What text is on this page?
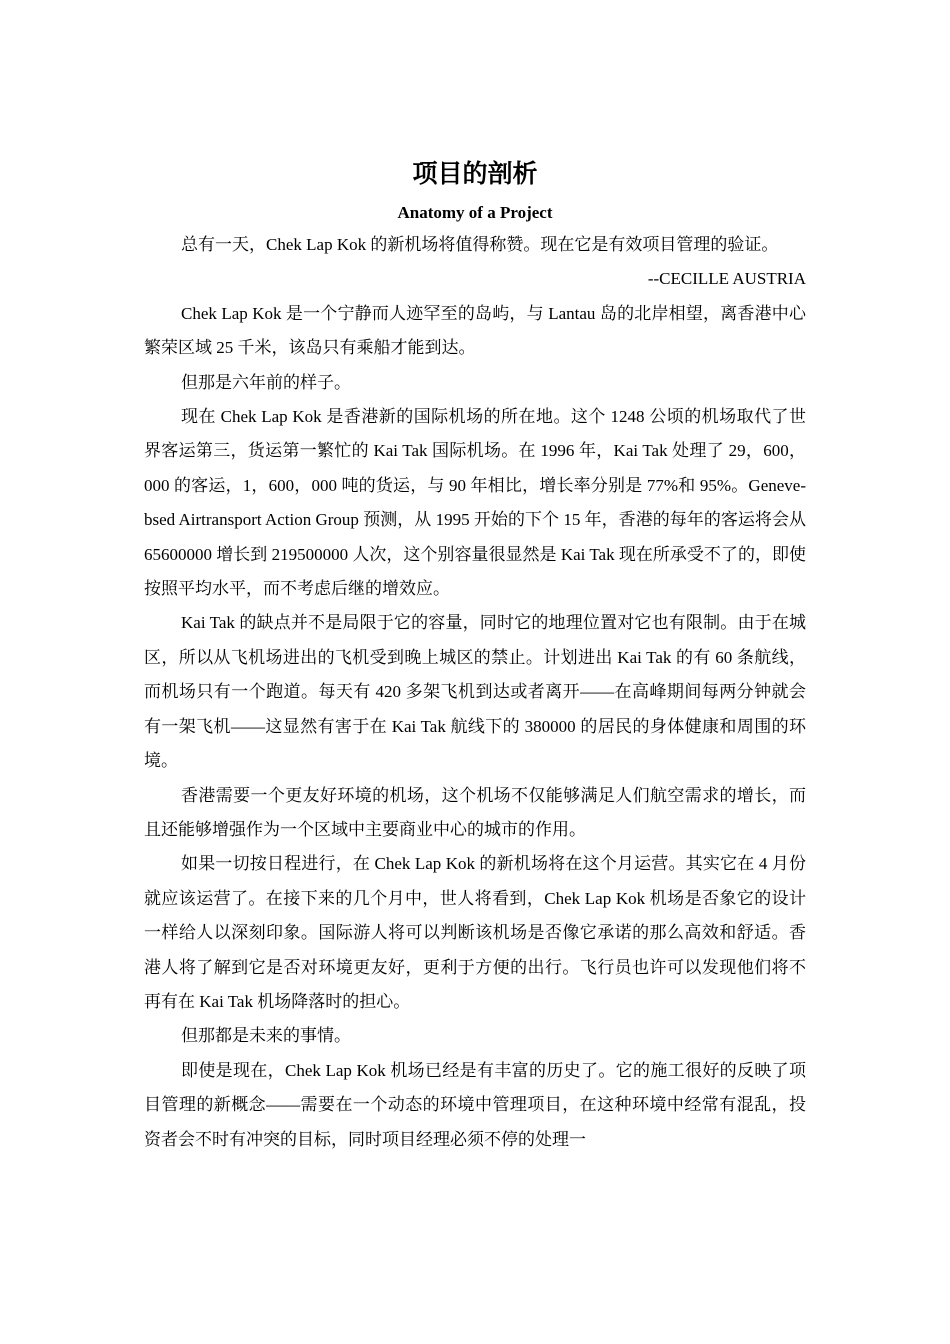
项目的剖析
Anatomy of a Project

总有一天，Chek Lap Kok 的新机场将值得称赞。现在它是有效项目管理的验证。

--CECILLE AUSTRIA

Chek Lap Kok 是一个宁静而人迹罕至的岛屿，与 Lantau 岛的北岸相望，离香港中心繁荣区域 25 千米，该岛只有乘船才能到达。

但那是六年前的样子。

现在 Chek Lap Kok 是香港新的国际机场的所在地。这个 1248 公顷的机场取代了世界客运第三，货运第一繁忙的 Kai Tak 国际机场。在 1996 年，Kai Tak 处理了 29，600，000 的客运，1，600，000 吨的货运，与 90 年相比，增长率分别是 77%和 95%。Geneve-bsed Airtransport Action Group 预测，从 1995 开始的下个 15 年，香港的每年的客运将会从 65600000 增长到 219500000 人次，这个别容量很显然是 Kai Tak 现在所承受不了的，即使按照平均水平，而不考虑后继的增效应。

Kai Tak 的缺点并不是局限于它的容量，同时它的地理位置对它也有限制。由于在城区，所以从飞机场进出的飞机受到晚上城区的禁止。计划进出 Kai Tak 的有 60 条航线，而机场只有一个跑道。每天有 420 多架飞机到达或者离开——在高峰期间每两分钟就会有一架飞机——这显然有害于在 Kai Tak 航线下的 380000 的居民的身体健康和周围的环境。

香港需要一个更友好环境的机场，这个机场不仅能够满足人们航空需求的增长，而且还能够增强作为一个区域中主要商业中心的城市的作用。

如果一切按日程进行，在 Chek Lap Kok 的新机场将在这个月运营。其实它在 4 月份就应该运营了。在接下来的几个月中，世人将看到，Chek Lap Kok 机场是否象它的设计一样给人以深刻印象。国际游人将可以判断该机场是否像它承诺的那么高效和舒适。香港人将了解到它是否对环境更友好，更利于方便的出行。飞行员也许可以发现他们将不再有在 Kai Tak 机场降落时的担心。

但那都是未来的事情。

即使是现在，Chek Lap Kok 机场已经是有丰富的历史了。它的施工很好的反映了项目管理的新概念——需要在一个动态的环境中管理项目，在这种环境中经常有混乱，投资者会不时有冲突的目标，同时项目经理必须不停的处理一
